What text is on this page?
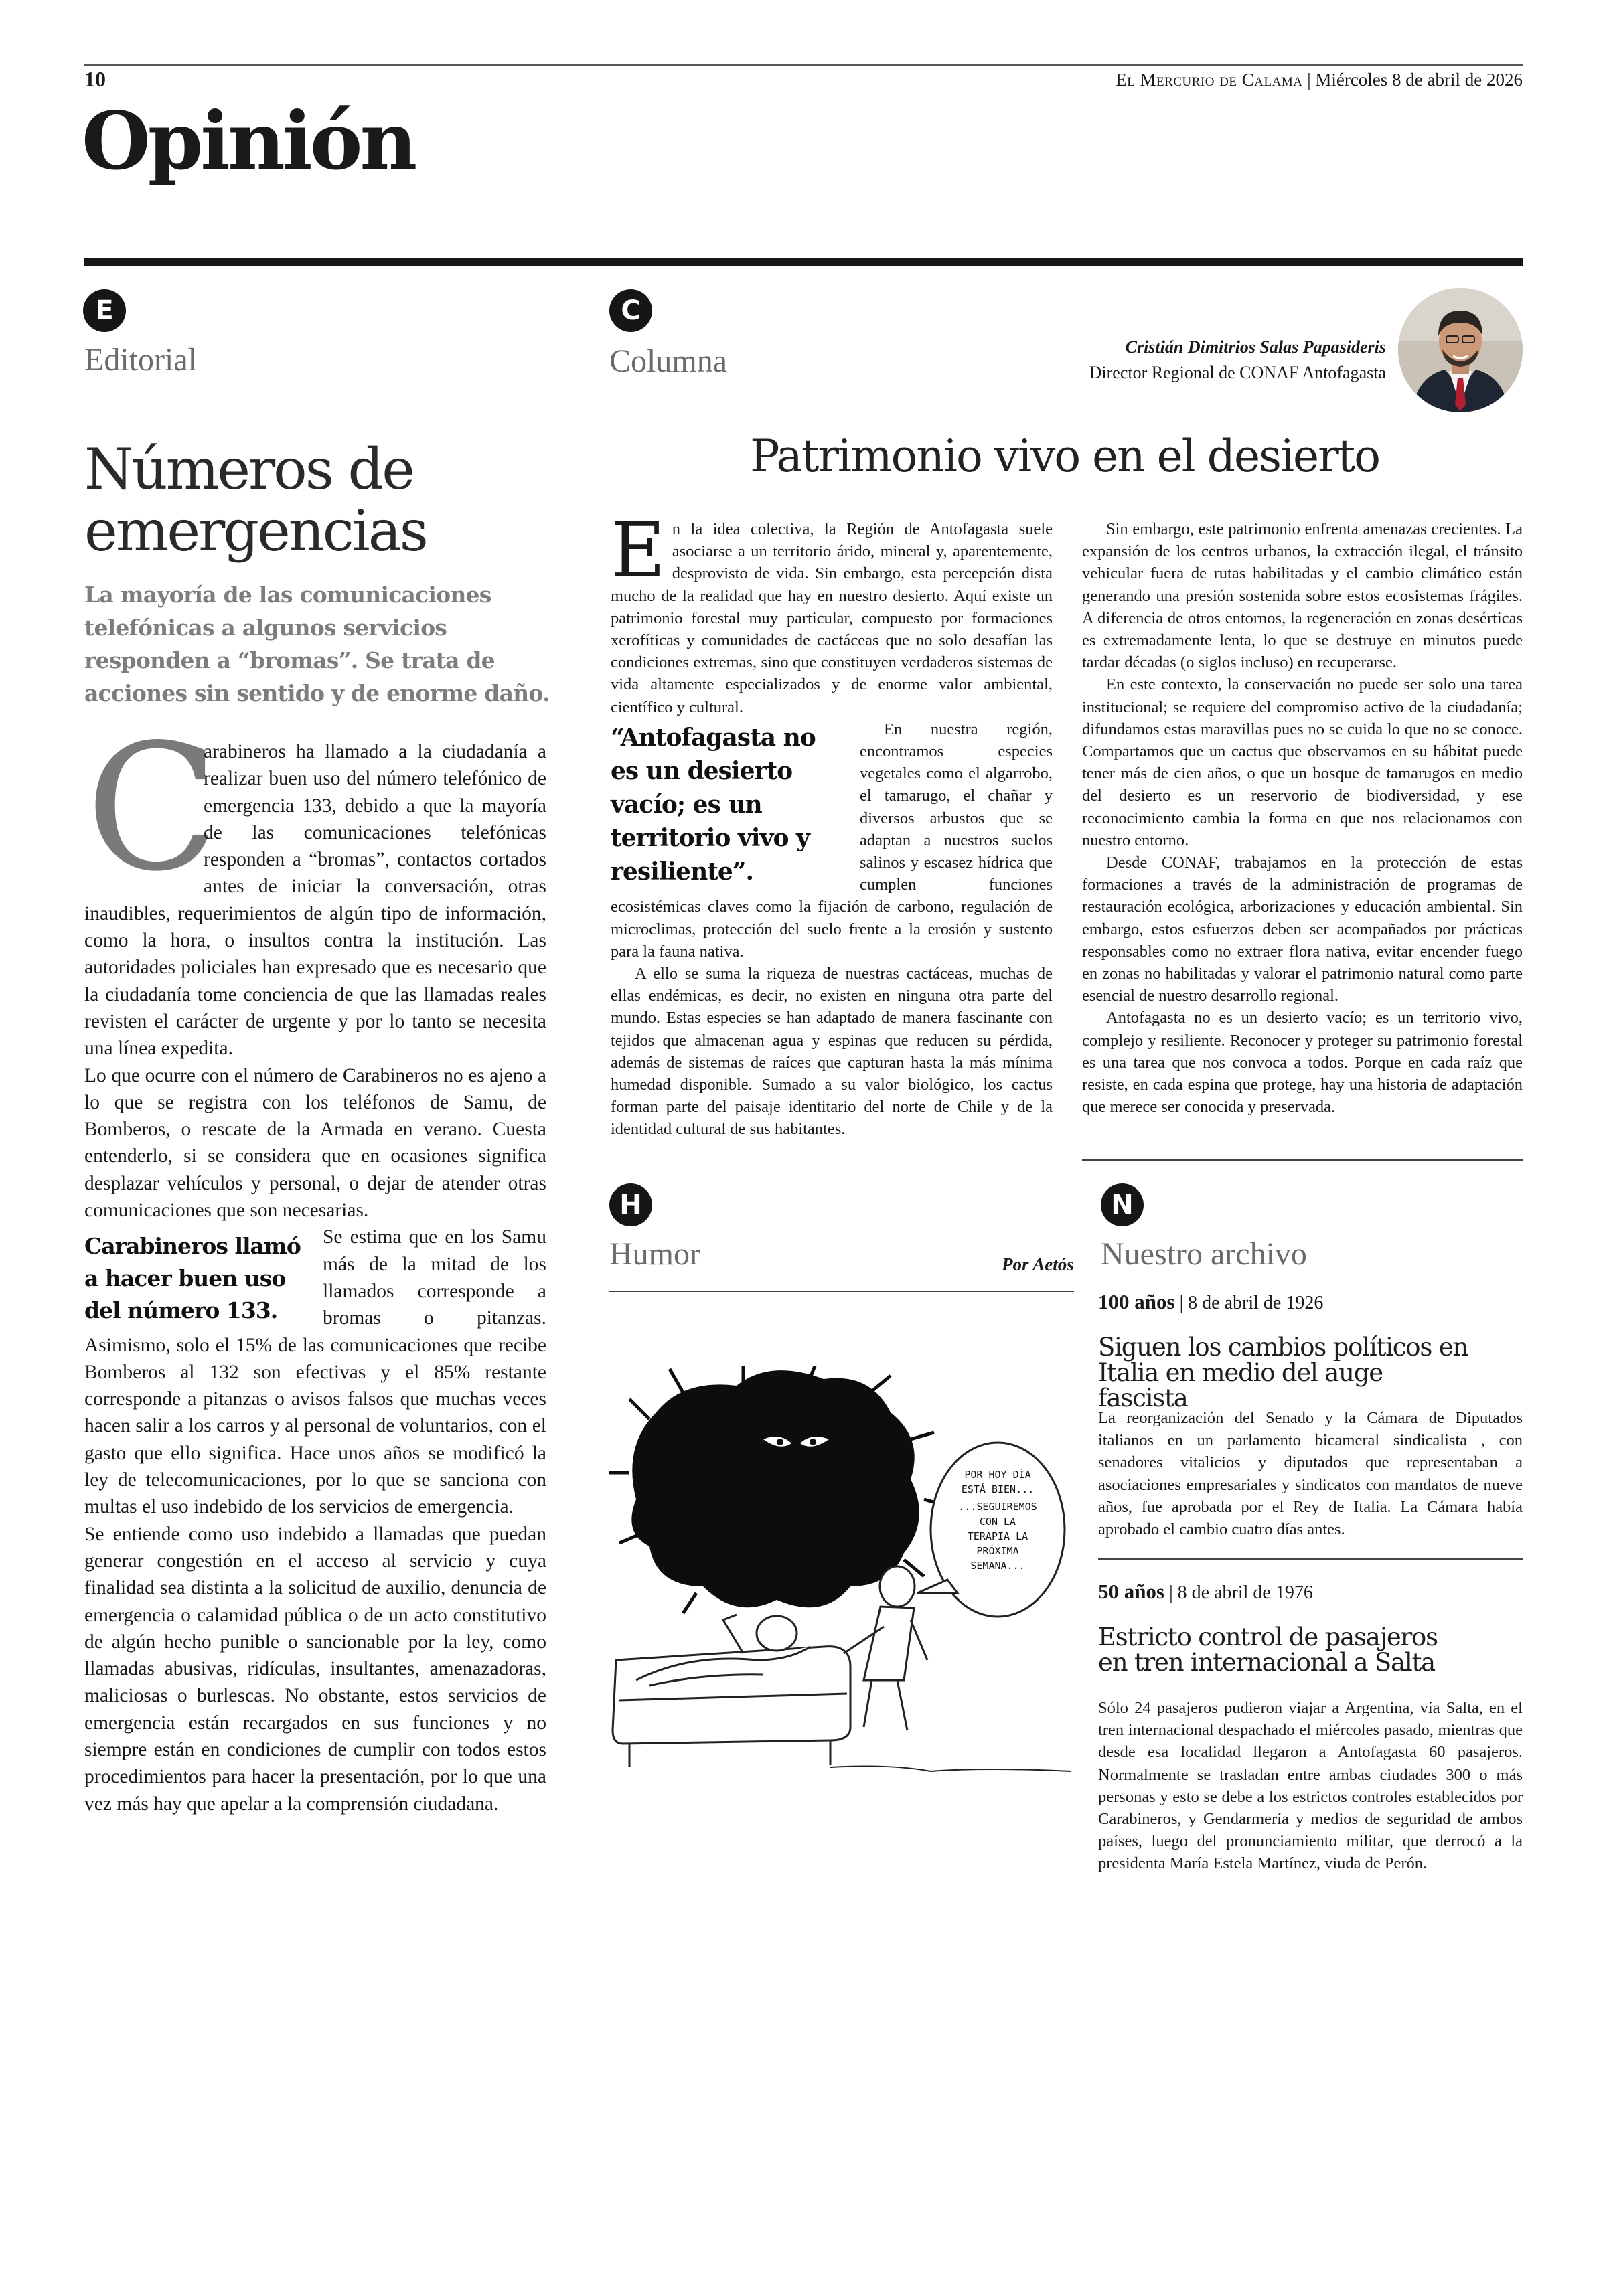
10	El Mercurio de Calama | Miércoles 8 de abril de 2026
Opinión
E
Editorial
Números de emergencias

La mayoría de las comunicaciones telefónicas a algunos servicios responden a “bromas”. Se trata de acciones sin sentido y de enorme daño.

C

arabineros ha llamado a la ciudadanía a realizar buen uso del número telefónico de emergencia 133, debido a que la mayoría de las comunicaciones telefónicas responden a “bromas”, contactos cortados antes de iniciar la conversación, otras inaudibles, requerimientos de algún tipo de información, como la hora, o insultos contra la institución. Las autoridades policiales han expresado que es necesario que la ciudadanía tome conciencia de que las llamadas reales revisten el carácter de urgente y por lo tanto se necesita una línea expedita.

Lo que ocurre con el número de Carabineros no es ajeno a lo que se registra con los teléfonos de Samu, de Bomberos, o rescate de la Armada en verano. Cuesta entenderlo, si se considera que en ocasiones significa desplazar vehículos y personal, o dejar de atender otras comunicaciones que son necesarias.

Carabineros llamó a hacer buen uso del número 133.

Se estima que en los Samu más de la mitad de los llamados corresponde a bromas o pitanzas. Asimismo, solo el 15% de las comunicaciones que recibe Bomberos al 132 son efectivas y el 85% restante corresponde a pitanzas o avisos falsos que muchas veces hacen salir a los carros y al personal de voluntarios, con el gasto que ello significa. Hace unos años se modificó la ley de telecomunicaciones, por lo que se sanciona con multas el uso indebido de los servicios de emergencia.

Se entiende como uso indebido a llamadas que puedan generar congestión en el acceso al servicio y cuya finalidad sea distinta a la solicitud de auxilio, denuncia de emergencia o calamidad pública o de un acto constitutivo de algún hecho punible o sancionable por la ley, como llamadas abusivas, ridículas, insultantes, amenazadoras, maliciosas o burlescas. No obstante, estos servicios de emergencia están recargados en sus funciones y no siempre están en condiciones de cumplir con todos estos procedimientos para hacer la presentación, por lo que una vez más hay que apelar a la comprensión ciudadana.

C
Columna	Cristián Dimitrios Salas Papasideris
Director Regional de CONAF Antofagasta
Patrimonio vivo en el desierto

En la idea colectiva, la Región de Antofagasta suele asociarse a un territorio árido, mineral y, aparentemente, desprovisto de vida. Sin embargo, esta percepción dista mucho de la realidad que hay en nuestro desierto. Aquí existe un patrimonio forestal muy particular, compuesto por formaciones xerofíticas y comunidades de cactáceas que no solo desafían las condiciones extremas, sino que constituyen verdaderos sistemas de vida altamente especializados y de enorme valor ambiental, científico y cultural.

“Antofagasta no es un desierto vacío; es un territorio vivo y resiliente”.

En nuestra región, encontramos especies vegetales como el algarrobo, el tamarugo, el chañar y diversos arbustos que se adaptan a nuestros suelos salinos y escasez hídrica que cumplen funciones ecosistémicas claves como la fijación de carbono, regulación de microclimas, protección del suelo frente a la erosión y sustento para la fauna nativa.

A ello se suma la riqueza de nuestras cactáceas, muchas de ellas endémicas, es decir, no existen en ninguna otra parte del mundo. Estas especies se han adaptado de manera fascinante con tejidos que almacenan agua y espinas que reducen su pérdida, además de sistemas de raíces que capturan hasta la más mínima humedad disponible. Sumado a su valor biológico, los cactus forman parte del paisaje identitario del norte de Chile y de la identidad cultural de sus habitantes.

Sin embargo, este patrimonio enfrenta amenazas crecientes. La expansión de los centros urbanos, la extracción ilegal, el tránsito vehicular fuera de rutas habilitadas y el cambio climático están generando una presión sostenida sobre estos ecosistemas frágiles. A diferencia de otros entornos, la regeneración en zonas desérticas es extremadamente lenta, lo que se destruye en minutos puede tardar décadas (o siglos incluso) en recuperarse.

En este contexto, la conservación no puede ser solo una tarea institucional; se requiere del compromiso activo de la ciudadanía; difundamos estas maravillas pues no se cuida lo que no se conoce. Compartamos que un cactus que observamos en su hábitat puede tener más de cien años, o que un bosque de tamarugos en medio del desierto es un reservorio de biodiversidad, y ese reconocimiento cambia la forma en que nos relacionamos con nuestro entorno.

Desde CONAF, trabajamos en la protección de estas formaciones a través de la administración de programas de restauración ecológica, arborizaciones y educación ambiental. Sin embargo, estos esfuerzos deben ser acompañados por prácticas responsables como no extraer flora nativa, evitar encender fuego en zonas no habilitadas y valorar el patrimonio natural como parte esencial de nuestro desarrollo regional.

Antofagasta no es un desierto vacío; es un territorio vivo, complejo y resiliente. Reconocer y proteger su patrimonio forestal es una tarea que nos convoca a todos. Porque en cada raíz que resiste, en cada espina que protege, hay una historia de adaptación que merece ser conocida y preservada.

H
Humor	Por Aetós
POR HOY DÍA
ESTÁ BIEN...
...SEGUIREMOS
CON LA
TERAPIA LA
PRÓXIMA
SEMANA...
N
Nuestro archivo
100 años | 8 de abril de 1926
Siguen los cambios políticos en Italia en medio del auge fascista

La reorganización del Senado y la Cámara de Diputados italianos en un parlamento bicameral sindicalista , con senadores vitalicios y diputados que representaban a asociaciones empresariales y sindicatos con mandatos de nueve años, fue aprobada por el Rey de Italia. La Cámara había aprobado el cambio cuatro días antes.

50 años | 8 de abril de 1976
Estricto control de pasajeros en tren internacional a Salta

Sólo 24 pasajeros pudieron viajar a Argentina, vía Salta, en el tren internacional despachado el miércoles pasado, mientras que desde esa localidad llegaron a Antofagasta 60 pasajeros. Normalmente se trasladan entre ambas ciudades 300 o más personas y esto se debe a los estrictos controles establecidos por Carabineros, y Gendarmería y medios de seguridad de ambos países, luego del pronunciamiento militar, que derrocó a la presidenta María Estela Martínez, viuda de Perón.
